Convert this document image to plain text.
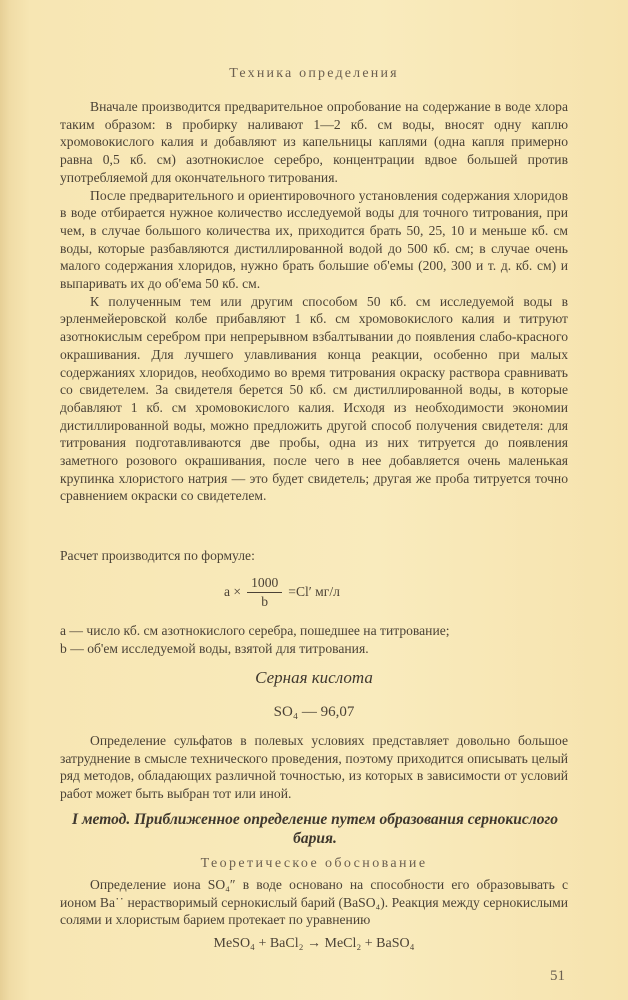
Техника определения

Вначале производится предварительное опробование на содержание в воде хлора таким образом: в пробирку наливают 1—2 кб. см воды, вносят одну каплю хромовокислого калия и добавляют из капельницы каплями (одна капля примерно равна 0,5 кб. см) азотнокислое серебро, концентрации вдвое большей против употребляемой для окончательного титрования.

После предварительного и ориентировочного установления содержания хлоридов в воде отбирается нужное количество исследуемой воды для точного титрования, при чем, в случае большого количества их, приходится брать 50, 25, 10 и меньше кб. см воды, которые разбавляются дистиллированной водой до 500 кб. см; в случае очень малого содержания хлоридов, нужно брать большие об'емы (200, 300 и т. д. кб. см) и выпаривать их до об'ема 50 кб. см.

К полученным тем или другим способом 50 кб. см исследуемой воды в эрленмейеровской колбе прибавляют 1 кб. см хромовокислого калия и титруют азотнокислым серебром при непрерывном взбалтывании до появления слабо-красного окрашивания. Для лучшего улавливания конца реакции, особенно при малых содержаниях хлоридов, необходимо во время титрования окраску раствора сравнивать со свидетелем. За свидетеля берется 50 кб. см дистиллированной воды, в которые добавляют 1 кб. см хромовокислого калия. Исходя из необходимости экономии дистиллированной воды, можно предложить другой способ получения свидетеля: для титрования подготавливаются две пробы, одна из них титруется до появления заметного розового окрашивания, после чего в нее добавляется очень маленькая крупинка хлористого натрия — это будет свидетель; другая же проба титруется точно сравнением окраски со свидетелем.

Расчет производится по формуле:
$a \times \frac{1000}{b} =Cl'$ мг/л

a — число кб. см азотнокислого серебра, пошедшее на титрование;

b — об'ем исследуемой воды, взятой для титрования.

Серная кислота
SO₄ — 96,07

Определение сульфатов в полевых условиях представляет довольно большое затруднение в смысле технического проведения, поэтому приходится описывать целый ряд методов, обладающих различной точностью, из которых в зависимости от условий работ может быть выбран тот или иной.

I метод. Приближенное определение путем образования сернокислого бария.
Теоретическое обоснование

Определение иона SO₄″ в воде основано на способности его образовывать с ионом Ba˙˙ нерастворимый сернокислый барий (BaSO₄). Реакция между сернокислыми солями и хлористым барием протекает по уравнению

MeSO₄ + BaCl₂ → MeCl₂ + BaSO₄
51
